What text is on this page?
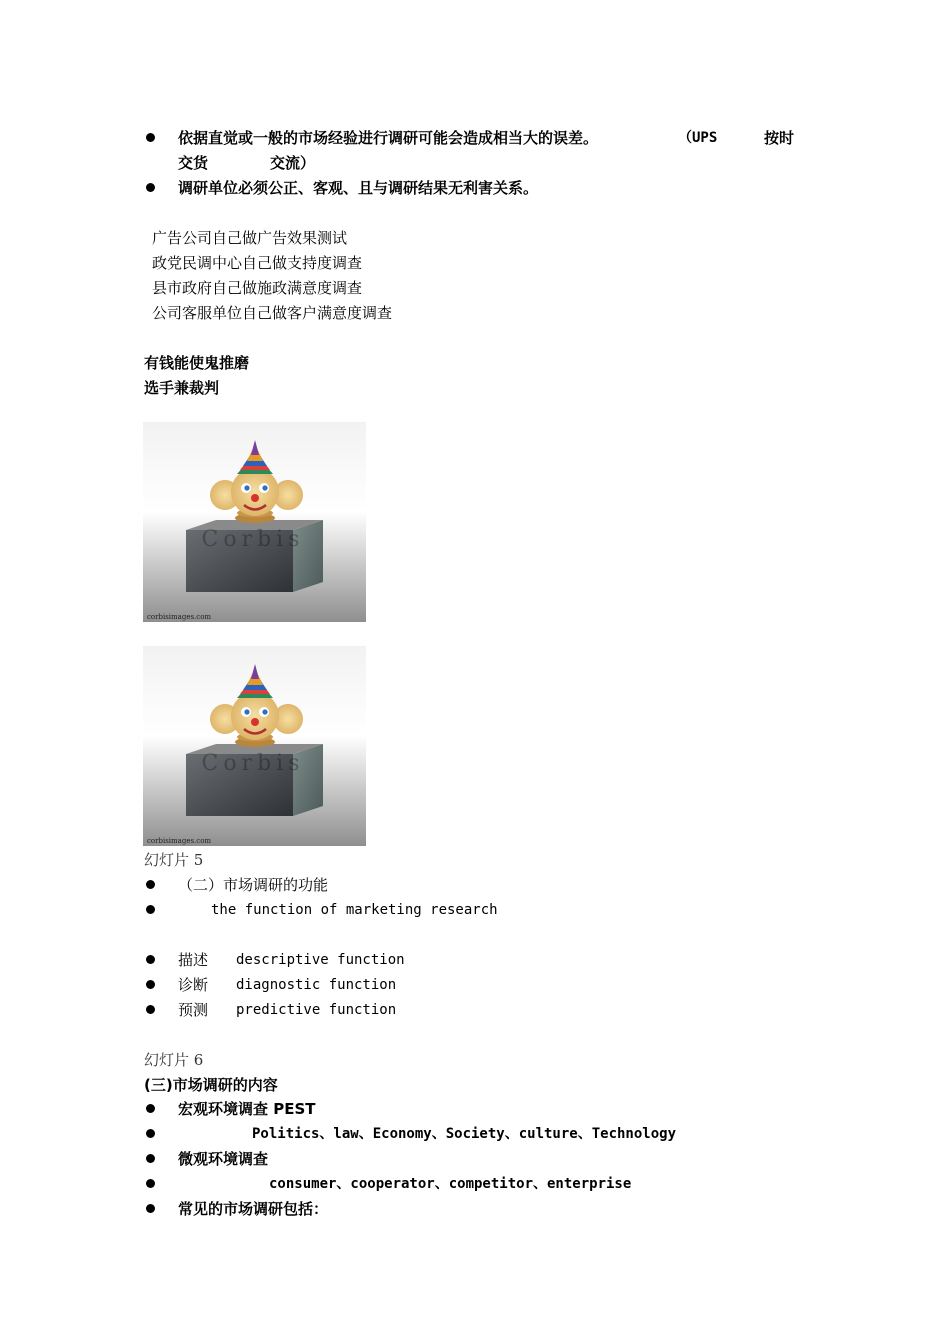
依据直觉或一般的市场经验进行调研可能会造成相当大的误差。	（UPS	按时
交货	交流）
调研单位必须公正、客观、且与调研结果无利害关系。
广告公司自己做广告效果测试
政党民调中心自己做支持度调查
县市政府自己做施政满意度调查
公司客服单位自己做客户满意度调查
有钱能使鬼推磨
选手兼裁判
Corbis
corbisimages.com
Corbis
corbisimages.com
幻灯片 5
（二）市场调研的功能
the function of marketing research
描述 descriptive function
诊断 diagnostic function
预测 predictive function
幻灯片 6
(三)市场调研的内容
宏观环境调查 PEST
Politics、law、Economy、Society、culture、Technology
微观环境调查
consumer、cooperator、competitor、enterprise
常见的市场调研包括：
